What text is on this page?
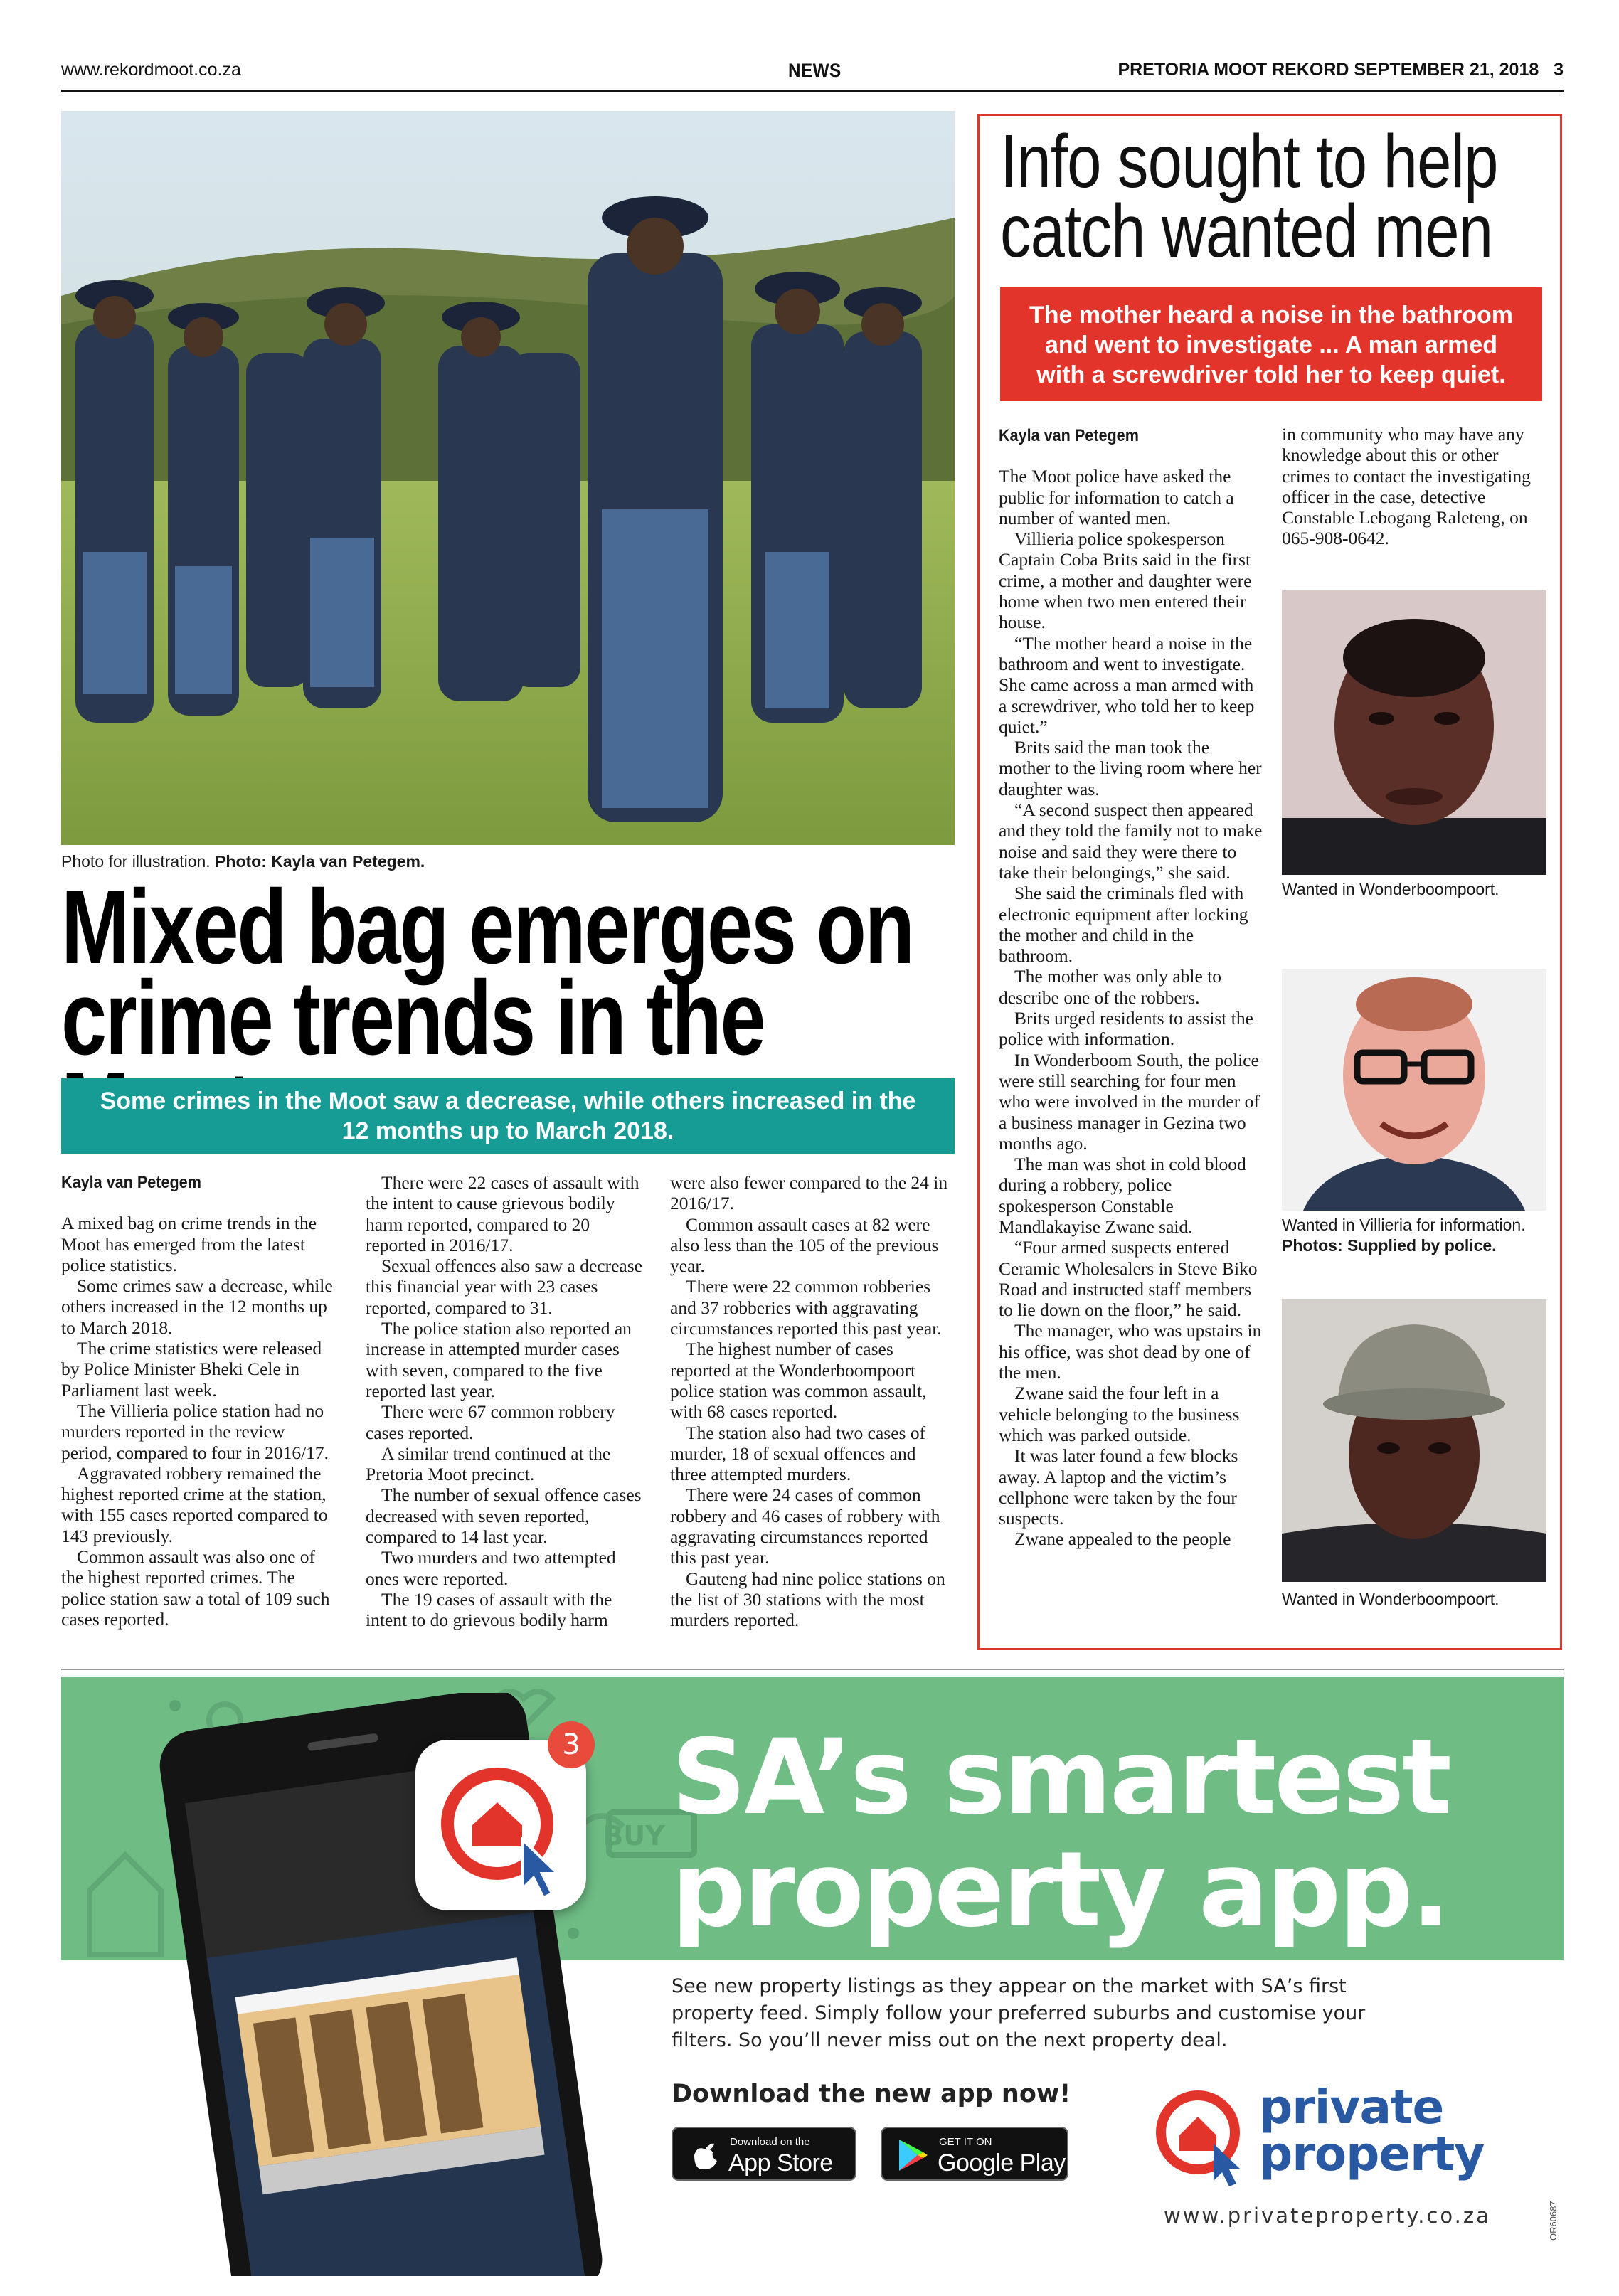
www.rekordmoot.co.za	NEWS	PRETORIA MOOT REKORD SEPTEMBER 21, 2018 3
Photo for illustration. Photo: Kayla van Petegem.
Mixed bag emerges on
crime trends in the
Some crimes in the Moot saw a decrease, while others increased in the
12 months up to March 2018.
Kayla van Petegem

A mixed bag on crime trends in the Moot has emerged from the latest police statistics.

Some crimes saw a decrease, while others increased in the 12 months up to March 2018.

The crime statistics were released by Police Minister Bheki Cele in Parliament last week.

The Villieria police station had no murders reported in the review period, compared to four in 2016/17.

Aggravated robbery remained the highest reported crime at the station, with 155 cases reported compared to 143 previously.

Common assault was also one of the highest reported crimes. The police station saw a total of 109 such cases reported.

There were 22 cases of assault with the intent to cause grievous bodily harm reported, compared to 20 reported in 2016/17.

Sexual offences also saw a decrease this financial year with 23 cases reported, compared to 31.

The police station also reported an increase in attempted murder cases with seven, compared to the five reported last year.

There were 67 common robbery cases reported.

A similar trend continued at the Pretoria Moot precinct.

The number of sexual offence cases decreased with seven reported, compared to 14 last year.

Two murders and two attempted ones were reported.

The 19 cases of assault with the intent to do grievous bodily harm

were also fewer compared to the 24 in 2016/17.

Common assault cases at 82 were also less than the 105 of the previous year.

There were 22 common robberies and 37 robberies with aggravating circumstances reported this past year.

The highest number of cases reported at the Wonderboompoort police station was common assault, with 68 cases reported.

The station also had two cases of murder, 18 of sexual offences and three attempted murders.

There were 24 cases of common robbery and 46 cases of robbery with aggravating circumstances reported this past year.

Gauteng had nine police stations on the list of 30 stations with the most murders reported.

Info sought to help
catch wanted men
The mother heard a noise in the bathroom
and went to investigate ... A man armed
with a screwdriver told her to keep quiet.
Kayla van Petegem

The Moot police have asked the public for information to catch a number of wanted men.

Villieria police spokesperson Captain Coba Brits said in the first crime, a mother and daughter were home when two men entered their house.

“The mother heard a noise in the bathroom and went to investigate. She came across a man armed with a screwdriver, who told her to keep quiet.”

Brits said the man took the mother to the living room where her daughter was.

“A second suspect then appeared and they told the family not to make noise and said they were there to take their belongings,” she said.

She said the criminals fled with electronic equipment after locking the mother and child in the bathroom.

The mother was only able to describe one of the robbers.

Brits urged residents to assist the police with information.

In Wonderboom South, the police were still searching for four men who were involved in the murder of a business manager in Gezina two months ago.

The man was shot in cold blood during a robbery, police spokesperson Constable Mandlakayise Zwane said.

“Four armed suspects entered Ceramic Wholesalers in Steve Biko Road and instructed staff members to lie down on the floor,” he said.

The manager, who was upstairs in his office, was shot dead by one of the men.

Zwane said the four left in a vehicle belonging to the business which was parked outside.

It was later found a few blocks away. A laptop and the victim’s cellphone were taken by the four suspects.

Zwane appealed to the people

in community who may have any knowledge about this or other crimes to contact the investigating officer in the case, detective Constable Lebogang Raleteng, on 065-908-0642.

Wanted in Wonderboompoort.
Wanted in Villieria for information. Photos: Supplied by police.
Wanted in Wonderboompoort.
BUY
3 SA’s smartest
property app.
See new property listings as they appear on the market with SA’s first
property feed. Simply follow your preferred suburbs and customise your
filters. So you’ll never miss out on the next property deal.
Download the new app now!
Download on the
App Store
GET IT ON
Google Play
private
property
www.privateproperty.co.za	OR60687
